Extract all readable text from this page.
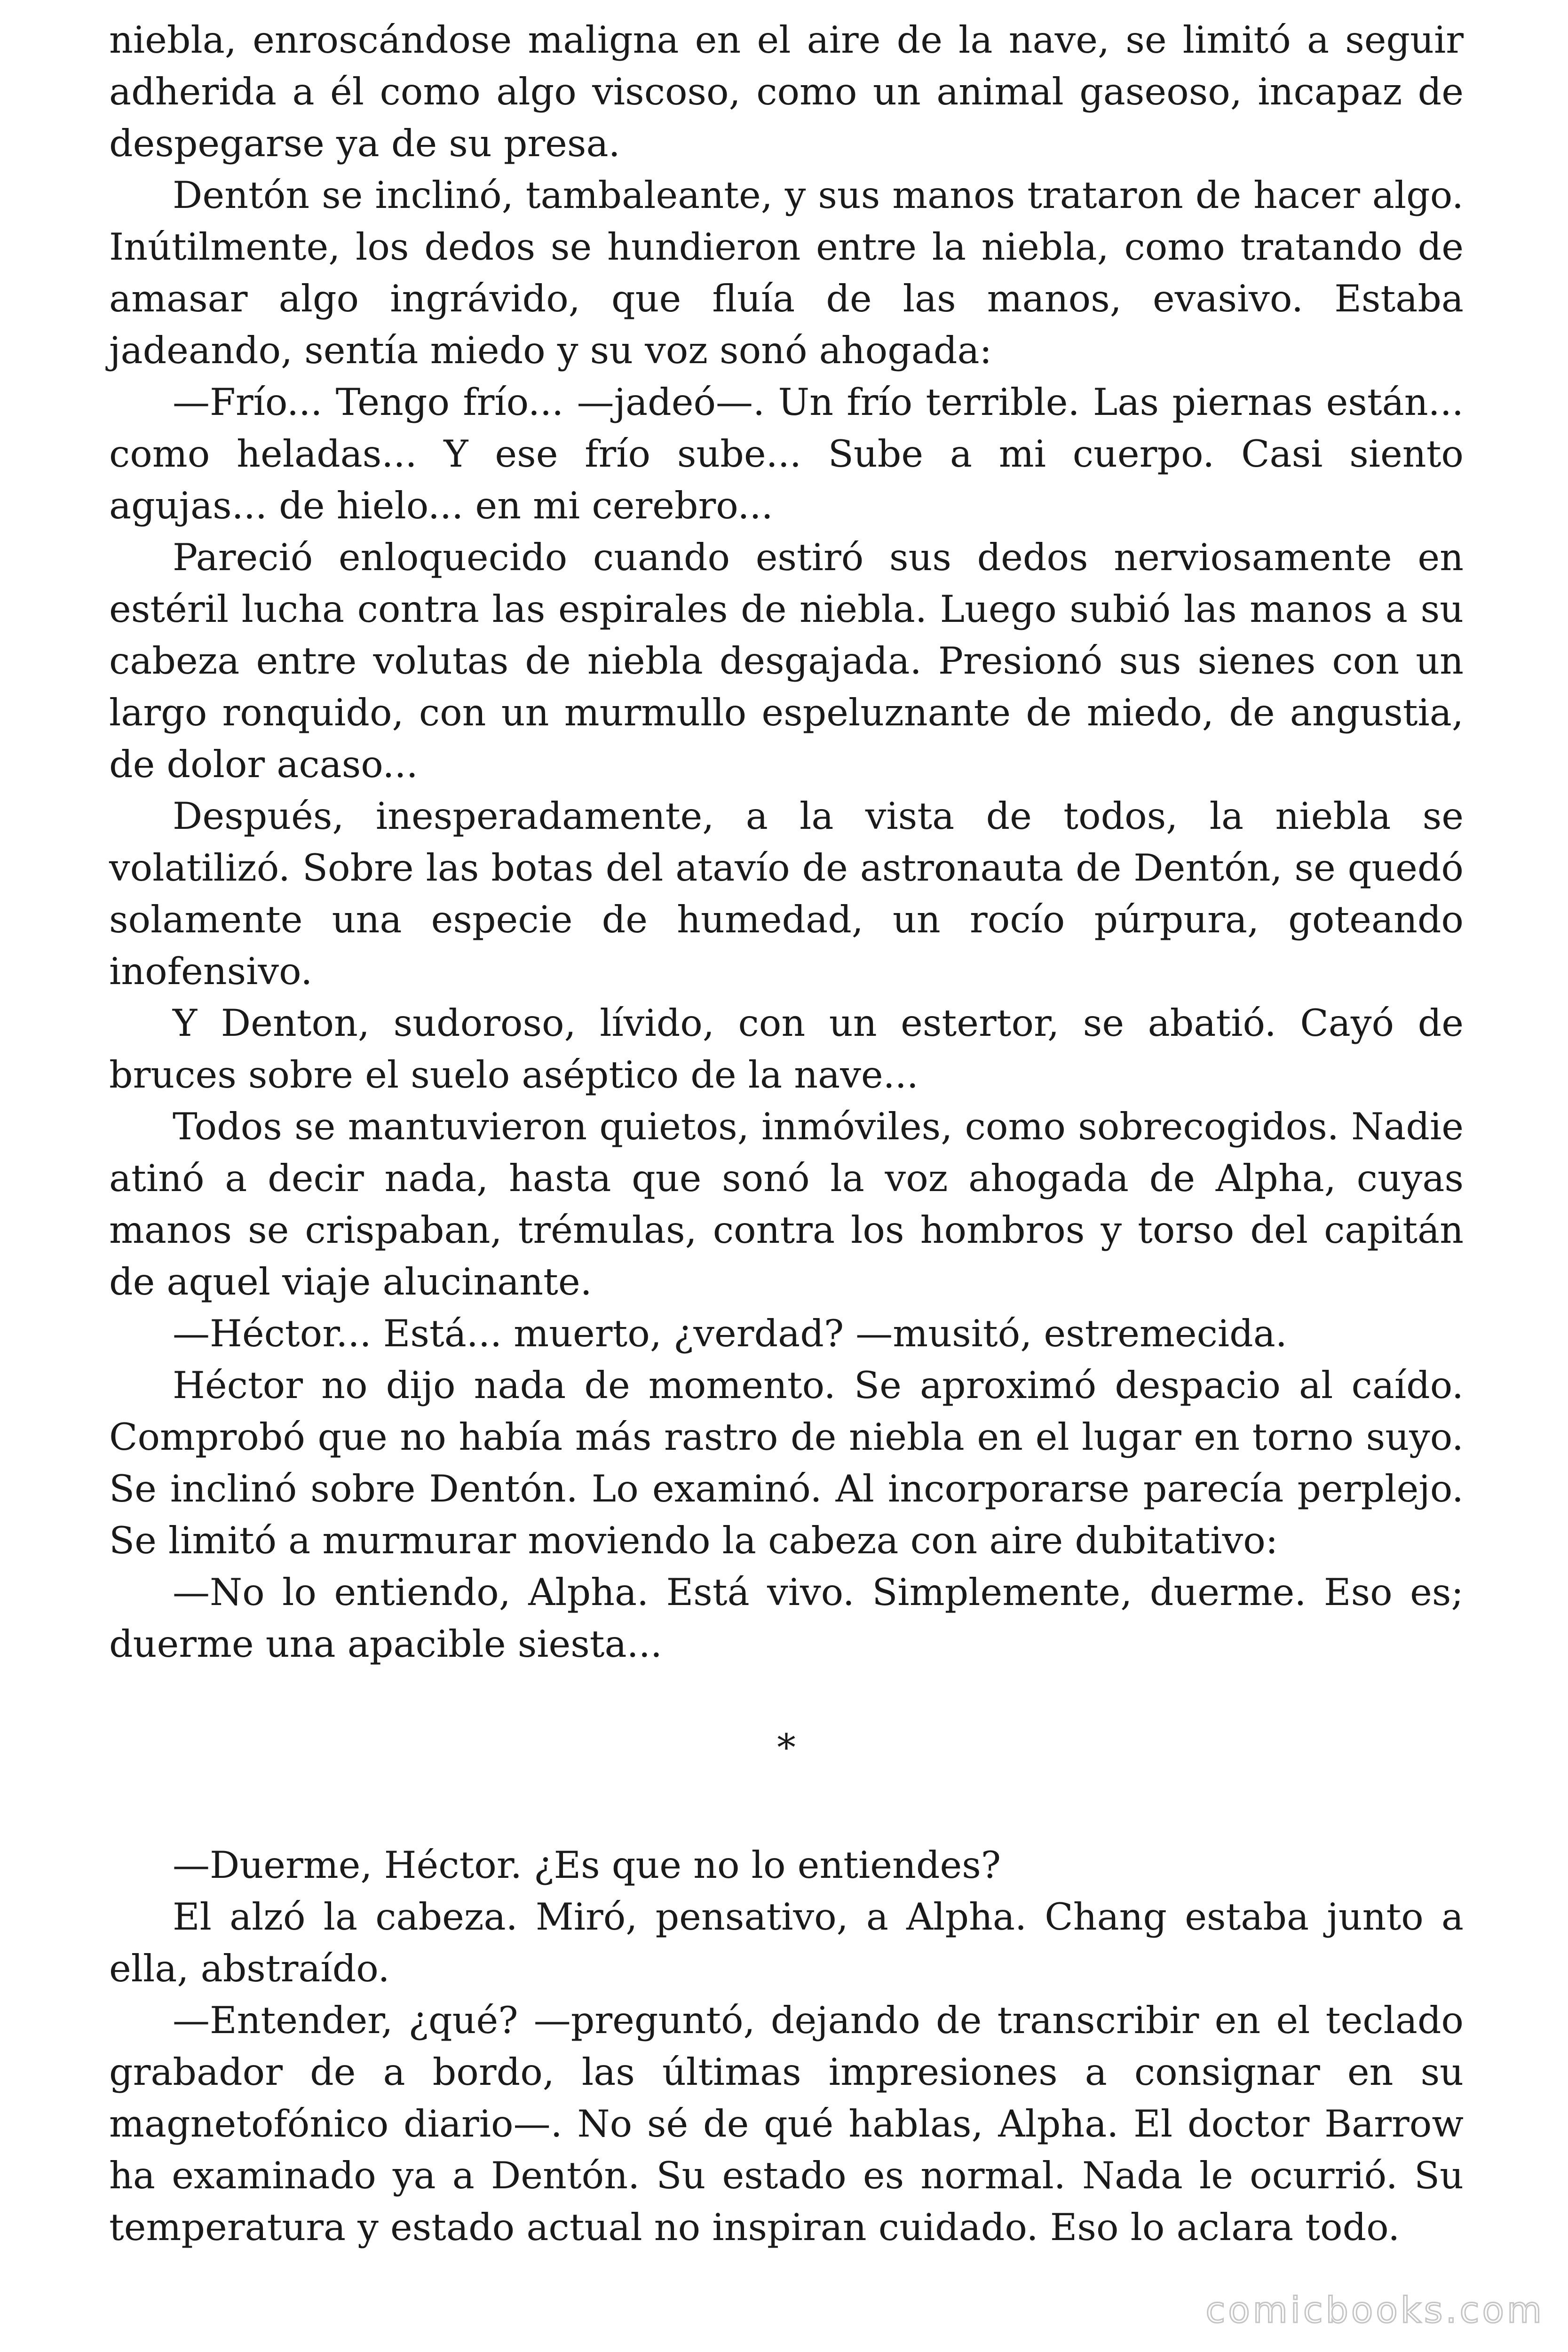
niebla, enroscándose maligna en el aire de la nave, se limitó a seguir adherida a él como algo viscoso, como un animal gaseoso, incapaz de despegarse ya de su presa.

Dentón se inclinó, tambaleante, y sus manos trataron de hacer algo. Inútilmente, los dedos se hundieron entre la niebla, como tratando de amasar algo ingrávido, que fluía de las manos, evasivo. Estaba jadeando, sentía miedo y su voz sonó ahogada:

—Frío... Tengo frío... —jadeó—. Un frío terrible. Las piernas están... como heladas... Y ese frío sube... Sube a mi cuerpo. Casi siento agujas... de hielo... en mi cerebro...

Pareció enloquecido cuando estiró sus dedos nerviosamente en estéril lucha contra las espirales de niebla. Luego subió las manos a su cabeza entre volutas de niebla desgajada. Presionó sus sienes con un largo ronquido, con un murmullo espeluznante de miedo, de angustia, de dolor acaso...

Después, inesperadamente, a la vista de todos, la niebla se volatilizó. Sobre las botas del atavío de astronauta de Dentón, se quedó solamente una especie de humedad, un rocío púrpura, goteando inofensivo.

Y Denton, sudoroso, lívido, con un estertor, se abatió. Cayó de bruces sobre el suelo aséptico de la nave...

Todos se mantuvieron quietos, inmóviles, como sobrecogidos. Nadie atinó a decir nada, hasta que sonó la voz ahogada de Alpha, cuyas manos se crispaban, trémulas, contra los hombros y torso del capitán de aquel viaje alucinante.

—Héctor... Está... muerto, ¿verdad? —musitó, estremecida.

Héctor no dijo nada de momento. Se aproximó despacio al caído. Comprobó que no había más rastro de niebla en el lugar en torno suyo. Se inclinó sobre Dentón. Lo examinó. Al incorporarse parecía perplejo. Se limitó a murmurar moviendo la cabeza con aire dubitativo:

—No lo entiendo, Alpha. Está vivo. Simplemente, duerme. Eso es; duerme una apacible siesta...

*

—Duerme, Héctor. ¿Es que no lo entiendes?

El alzó la cabeza. Miró, pensativo, a Alpha. Chang estaba junto a ella, abstraído.

—Entender, ¿qué? —preguntó, dejando de transcribir en el teclado grabador de a bordo, las últimas impresiones a consignar en su magnetofónico diario—. No sé de qué hablas, Alpha. El doctor Barrow ha examinado ya a Dentón. Su estado es normal. Nada le ocurrió. Su temperatura y estado actual no inspiran cuidado. Eso lo aclara todo.

comicbooks.com
